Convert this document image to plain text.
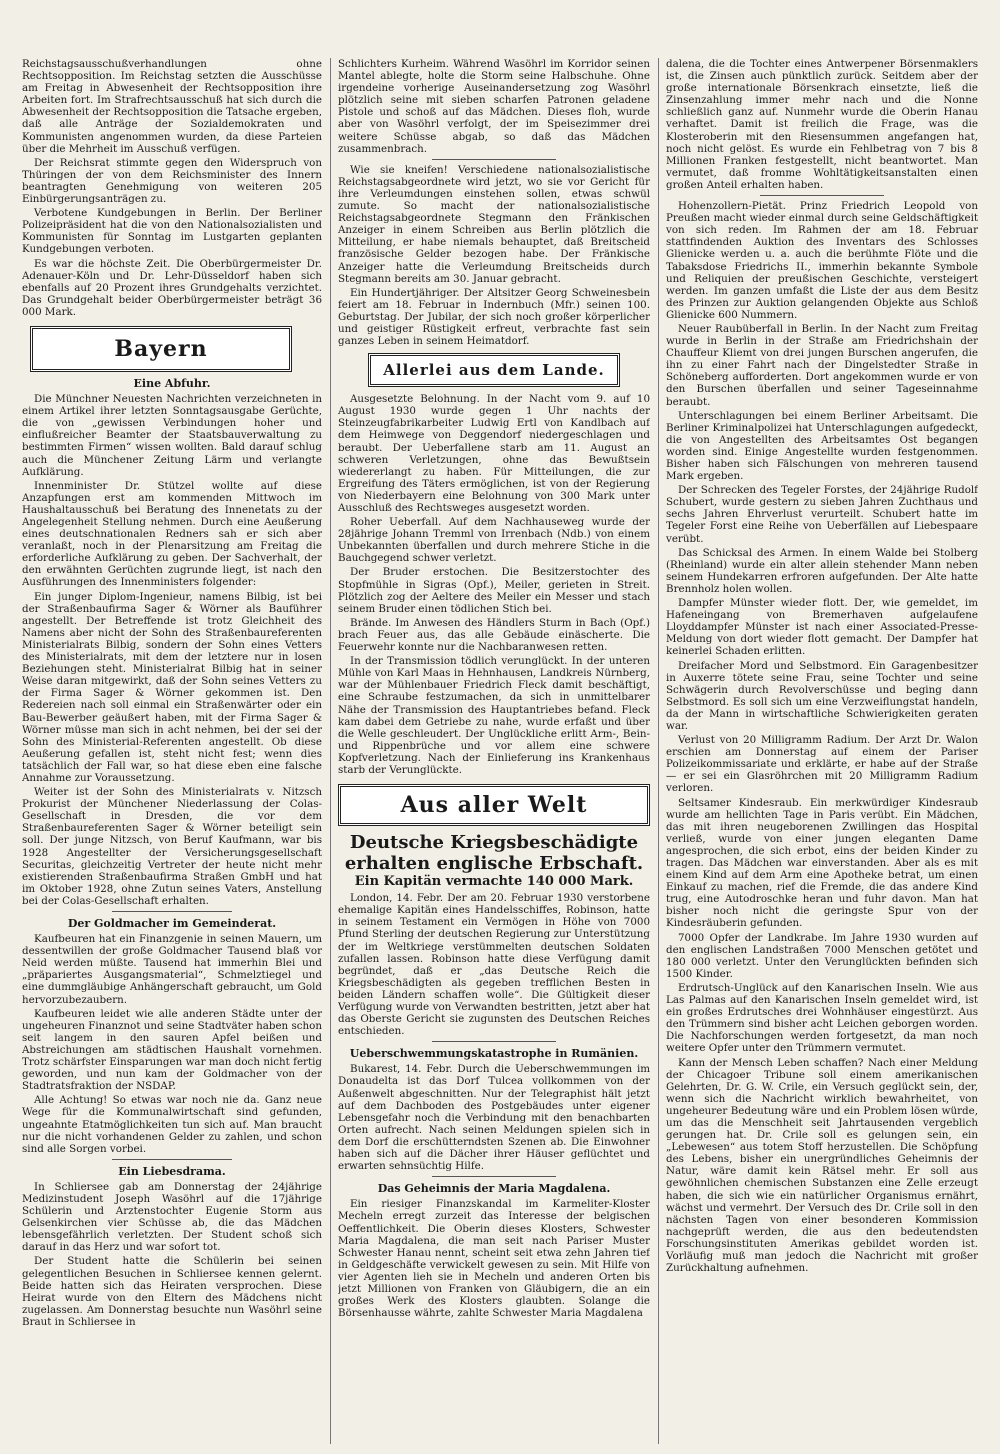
Reichstagsausschußverhandlungen ohne Rechtsopposition. Im Reichstag setzten die Ausschüsse am Freitag in Abwesenheit der Rechtsopposition ihre Arbeiten fort. Im Strafrechtsausschuß hat sich durch die Abwesenheit der Rechtsopposition die Tatsache ergeben, daß alle Anträge der Sozialdemokraten und Kommunisten angenommen wurden, da diese Parteien über die Mehrheit im Ausschuß verfügen.

Der Reichsrat stimmte gegen den Widerspruch von Thüringen der von dem Reichsminister des Innern beantragten Genehmigung von weiteren 205 Einbürgerungsanträgen zu.

Verbotene Kundgebungen in Berlin. Der Berliner Polizeipräsident hat die von den Nationalsozialisten und Kommunisten für Sonntag im Lustgarten geplanten Kundgebungen verboten.

Es war die höchste Zeit. Die Oberbürgermeister Dr. Adenauer-Köln und Dr. Lehr-Düsseldorf haben sich ebenfalls auf 20 Prozent ihres Grundgehalts verzichtet. Das Grundgehalt beider Oberbürgermeister beträgt 36 000 Mark.

Bayern
Eine Abfuhr.

Die Münchner Neuesten Nachrichten verzeichneten in einem Artikel ihrer letzten Sonntagsausgabe Gerüchte, die von „gewissen Verbindungen hoher und einflußreicher Beamter der Staatsbauverwaltung zu bestimmten Firmen“ wissen wollten. Bald darauf schlug auch die Münchener Zeitung Lärm und verlangte Aufklärung.

Innenminister Dr. Stützel wollte auf diese Anzapfungen erst am kommenden Mittwoch im Haushaltausschuß bei Beratung des Innenetats zu der Angelegenheit Stellung nehmen. Durch eine Aeußerung eines deutschnationalen Redners sah er sich aber veranlaßt, noch in der Plenarsitzung am Freitag die erforderliche Aufklärung zu geben. Der Sachverhalt, der den erwähnten Gerüchten zugrunde liegt, ist nach den Ausführungen des Innenministers folgender:

Ein junger Diplom-Ingenieur, namens Bilbig, ist bei der Straßenbaufirma Sager & Wörner als Bauführer angestellt. Der Betreffende ist trotz Gleichheit des Namens aber nicht der Sohn des Straßenbaureferenten Ministerialrats Bilbig, sondern der Sohn eines Vetters des Ministerialrats, mit dem der letztere nur in losen Beziehungen steht. Ministerialrat Bilbig hat in seiner Weise daran mitgewirkt, daß der Sohn seines Vetters zu der Firma Sager & Wörner gekommen ist. Den Redereien nach soll einmal ein Straßenwärter oder ein Bau-Bewerber geäußert haben, mit der Firma Sager & Wörner müsse man sich in acht nehmen, bei der sei der Sohn des Ministerial-Referenten angestellt. Ob diese Aeußerung gefallen ist, steht nicht fest; wenn dies tatsächlich der Fall war, so hat diese eben eine falsche Annahme zur Voraussetzung.

Weiter ist der Sohn des Ministerialrats v. Nitzsch Prokurist der Münchener Niederlassung der Colas-Gesellschaft in Dresden, die vor dem Straßenbaureferenten Sager & Wörner beteiligt sein soll. Der junge Nitzsch, von Beruf Kaufmann, war bis 1928 Angestellter der Versicherungsgesellschaft Securitas, gleichzeitig Vertreter der heute nicht mehr existierenden Straßenbaufirma Straßen GmbH und hat im Oktober 1928, ohne Zutun seines Vaters, Anstellung bei der Colas-Gesellschaft erhalten.

Der Goldmacher im Gemeinderat.

Kaufbeuren hat ein Finanzgenie in seinen Mauern, um dessentwillen der große Goldmacher Tausend blaß vor Neid werden müßte. Tausend hat immerhin Blei und „präpariertes Ausgangsmaterial“, Schmelztiegel und eine dummgläubige Anhängerschaft gebraucht, um Gold hervorzubezaubern.

Kaufbeuren leidet wie alle anderen Städte unter der ungeheuren Finanznot und seine Stadtväter haben schon seit langem in den sauren Apfel beißen und Abstreichungen am städtischen Haushalt vornehmen. Trotz schärfster Einsparungen war man doch nicht fertig geworden, und nun kam der Goldmacher von der Stadtratsfraktion der NSDAP.

Alle Achtung! So etwas war noch nie da. Ganz neue Wege für die Kommunalwirtschaft sind gefunden, ungeahnte Etatmöglichkeiten tun sich auf. Man braucht nur die nicht vorhandenen Gelder zu zahlen, und schon sind alle Sorgen vorbei.

Ein Liebesdrama.

In Schliersee gab am Donnerstag der 24jährige Medizinstudent Joseph Wasöhrl auf die 17jährige Schülerin und Arztenstochter Eugenie Storm aus Gelsenkirchen vier Schüsse ab, die das Mädchen lebensgefährlich verletzten. Der Student schoß sich darauf in das Herz und war sofort tot.

Der Student hatte die Schülerin bei seinen gelegentlichen Besuchen in Schliersee kennen gelernt. Beide hatten sich das Heiraten versprochen. Diese Heirat wurde von den Eltern des Mädchens nicht zugelassen. Am Donnerstag besuchte nun Wasöhrl seine Braut in Schliersee in

Schlichters Kurheim. Während Wasöhrl im Korridor seinen Mantel ablegte, holte die Storm seine Halbschuhe. Ohne irgendeine vorherige Auseinandersetzung zog Wasöhrl plötzlich seine mit sieben scharfen Patronen geladene Pistole und schoß auf das Mädchen. Dieses floh, wurde aber von Wasöhrl verfolgt, der im Speisezimmer drei weitere Schüsse abgab, so daß das Mädchen zusammenbrach.

Wie sie kneifen! Verschiedene nationalsozialistische Reichstagsabgeordnete wird jetzt, wo sie vor Gericht für ihre Verleumdungen einstehen sollen, etwas schwül zumute. So macht der nationalsozialistische Reichstagsabgeordnete Stegmann den Fränkischen Anzeiger in einem Schreiben aus Berlin plötzlich die Mitteilung, er habe niemals behauptet, daß Breitscheid französische Gelder bezogen habe. Der Fränkische Anzeiger hatte die Verleumdung Breitscheids durch Stegmann bereits am 30. Januar gebracht.

Ein Hundertjähriger. Der Altsitzer Georg Schweinesbein feiert am 18. Februar in Indernbuch (Mfr.) seinen 100. Geburtstag. Der Jubilar, der sich noch großer körperlicher und geistiger Rüstigkeit erfreut, verbrachte fast sein ganzes Leben in seinem Heimatdorf.

Allerlei aus dem Lande.

Ausgesetzte Belohnung. In der Nacht vom 9. auf 10 August 1930 wurde gegen 1 Uhr nachts der Steinzeugfabrikarbeiter Ludwig Ertl von Kandlbach auf dem Heimwege von Deggendorf niedergeschlagen und beraubt. Der Ueberfallene starb am 11. August an schweren Verletzungen, ohne das Bewußtsein wiedererlangt zu haben. Für Mitteilungen, die zur Ergreifung des Täters ermöglichen, ist von der Regierung von Niederbayern eine Belohnung von 300 Mark unter Ausschluß des Rechtsweges ausgesetzt worden.

Roher Ueberfall. Auf dem Nachhauseweg wurde der 28jährige Johann Tremml von Irrenbach (Ndb.) von einem Unbekannten überfallen und durch mehrere Stiche in die Bauchgegend schwer verletzt.

Der Bruder erstochen. Die Besitzerstochter des Stopfmühle in Sigras (Opf.), Meiler, gerieten in Streit. Plötzlich zog der Aeltere des Meiler ein Messer und stach seinem Bruder einen tödlichen Stich bei.

Brände. Im Anwesen des Händlers Sturm in Bach (Opf.) brach Feuer aus, das alle Gebäude einäscherte. Die Feuerwehr konnte nur die Nachbaranwesen retten.

In der Transmission tödlich verunglückt. In der unteren Mühle von Karl Maas in Hehnhausen, Landkreis Nürnberg, war der Mühlenbauer Friedrich Fleck damit beschäftigt, eine Schraube festzumachen, da sich in unmittelbarer Nähe der Transmission des Hauptantriebes befand. Fleck kam dabei dem Getriebe zu nahe, wurde erfaßt und über die Welle geschleudert. Der Unglückliche erlitt Arm-, Bein- und Rippenbrüche und vor allem eine schwere Kopfverletzung. Nach der Einlieferung ins Krankenhaus starb der Verunglückte.

Aus aller Welt
Deutsche Kriegsbeschädigte erhalten englische Erbschaft.
Ein Kapitän vermachte 140 000 Mark.

London, 14. Febr. Der am 20. Februar 1930 verstorbene ehemalige Kapitän eines Handelsschiffes, Robinson, hatte in seinem Testament ein Vermögen in Höhe von 7000 Pfund Sterling der deutschen Regierung zur Unterstützung der im Weltkriege verstümmelten deutschen Soldaten zufallen lassen. Robinson hatte diese Verfügung damit begründet, daß er „das Deutsche Reich die Kriegsbeschädigten als gegeben trefflichen Besten in beiden Ländern schaffen wolle“. Die Gültigkeit dieser Verfügung wurde von Verwandten bestritten, jetzt aber hat das Oberste Gericht sie zugunsten des Deutschen Reiches entschieden.

Ueberschwemmungskatastrophe in Rumänien.

Bukarest, 14. Febr. Durch die Ueberschwemmungen im Donaudelta ist das Dorf Tulcea vollkommen von der Außenwelt abgeschnitten. Nur der Telegraphist hält jetzt auf dem Dachboden des Postgebäudes unter eigener Lebensgefahr noch die Verbindung mit den benachbarten Orten aufrecht. Nach seinen Meldungen spielen sich in dem Dorf die erschütterndsten Szenen ab. Die Einwohner haben sich auf die Dächer ihrer Häuser geflüchtet und erwarten sehnsüchtig Hilfe.

Das Geheimnis der Maria Magdalena.

Ein riesiger Finanzskandal im Karmeliter-Kloster Mecheln erregt zurzeit das Interesse der belgischen Oeffentlichkeit. Die Oberin dieses Klosters, Schwester Maria Magdalena, die man seit nach Pariser Muster Schwester Hanau nennt, scheint seit etwa zehn Jahren tief in Geldgeschäfte verwickelt gewesen zu sein. Mit Hilfe von vier Agenten lieh sie in Mecheln und anderen Orten bis jetzt Millionen von Franken von Gläubigern, die an ein großes Werk des Klosters glaubten. Solange die Börsenhausse währte, zahlte Schwester Maria Magdalena

dalena, die die Tochter eines Antwerpener Börsenmaklers ist, die Zinsen auch pünktlich zurück. Seitdem aber der große internationale Börsenkrach einsetzte, ließ die Zinsenzahlung immer mehr nach und die Nonne schließlich ganz auf. Nunmehr wurde die Oberin Hanau verhaftet. Damit ist freilich die Frage, was die Klosteroberin mit den Riesensummen angefangen hat, noch nicht gelöst. Es wurde ein Fehlbetrag von 7 bis 8 Millionen Franken festgestellt, nicht beantwortet. Man vermutet, daß fromme Wohltätigkeitsanstalten einen großen Anteil erhalten haben.

Hohenzollern-Pietät. Prinz Friedrich Leopold von Preußen macht wieder einmal durch seine Geldschäftigkeit von sich reden. Im Rahmen der am 18. Februar stattfindenden Auktion des Inventars des Schlosses Glienicke werden u. a. auch die berühmte Flöte und die Tabaksdose Friedrichs II., immerhin bekannte Symbole und Reliquien der preußischen Geschichte, versteigert werden. Im ganzen umfaßt die Liste der aus dem Besitz des Prinzen zur Auktion gelangenden Objekte aus Schloß Glienicke 600 Nummern.

Neuer Raubüberfall in Berlin. In der Nacht zum Freitag wurde in Berlin in der Straße am Friedrichshain der Chauffeur Kliemt von drei jungen Burschen angerufen, die ihn zu einer Fahrt nach der Dingelstedter Straße in Schöneberg aufforderten. Dort angekommen wurde er von den Burschen überfallen und seiner Tageseinnahme beraubt.

Unterschlagungen bei einem Berliner Arbeitsamt. Die Berliner Kriminalpolizei hat Unterschlagungen aufgedeckt, die von Angestellten des Arbeitsamtes Ost begangen worden sind. Einige Angestellte wurden festgenommen. Bisher haben sich Fälschungen von mehreren tausend Mark ergeben.

Der Schrecken des Tegeler Forstes, der 24jährige Rudolf Schubert, wurde gestern zu sieben Jahren Zuchthaus und sechs Jahren Ehrverlust verurteilt. Schubert hatte im Tegeler Forst eine Reihe von Ueberfällen auf Liebespaare verübt.

Das Schicksal des Armen. In einem Walde bei Stolberg (Rheinland) wurde ein alter allein stehender Mann neben seinem Hundekarren erfroren aufgefunden. Der Alte hatte Brennholz holen wollen.

Dampfer Münster wieder flott. Der, wie gemeldet, im Hafeneingang von Bremerhaven aufgelaufene Lloyddampfer Münster ist nach einer Associated-Presse-Meldung von dort wieder flott gemacht. Der Dampfer hat keinerlei Schaden erlitten.

Dreifacher Mord und Selbstmord. Ein Garagenbesitzer in Auxerre tötete seine Frau, seine Tochter und seine Schwägerin durch Revolverschüsse und beging dann Selbstmord. Es soll sich um eine Verzweiflungstat handeln, da der Mann in wirtschaftliche Schwierigkeiten geraten war.

Verlust von 20 Milligramm Radium. Der Arzt Dr. Walon erschien am Donnerstag auf einem der Pariser Polizeikommissariate und erklärte, er habe auf der Straße — er sei ein Glasröhrchen mit 20 Milligramm Radium verloren.

Seltsamer Kindesraub. Ein merkwürdiger Kindesraub wurde am hellichten Tage in Paris verübt. Ein Mädchen, das mit ihren neugeborenen Zwillingen das Hospital verließ, wurde von einer jungen eleganten Dame angesprochen, die sich erbot, eins der beiden Kinder zu tragen. Das Mädchen war einverstanden. Aber als es mit einem Kind auf dem Arm eine Apotheke betrat, um einen Einkauf zu machen, rief die Fremde, die das andere Kind trug, eine Autodroschke heran und fuhr davon. Man hat bisher noch nicht die geringste Spur von der Kindesräuberin gefunden.

7000 Opfer der Landkrabe. Im Jahre 1930 wurden auf den englischen Landstraßen 7000 Menschen getötet und 180 000 verletzt. Unter den Verunglückten befinden sich 1500 Kinder.

Erdrutsch-Unglück auf den Kanarischen Inseln. Wie aus Las Palmas auf den Kanarischen Inseln gemeldet wird, ist ein großes Erdrutsches drei Wohnhäuser eingestürzt. Aus den Trümmern sind bisher acht Leichen geborgen worden. Die Nachforschungen werden fortgesetzt, da man noch weitere Opfer unter den Trümmern vermutet.

Kann der Mensch Leben schaffen? Nach einer Meldung der Chicagoer Tribune soll einem amerikanischen Gelehrten, Dr. G. W. Crile, ein Versuch geglückt sein, der, wenn sich die Nachricht wirklich bewahrheitet, von ungeheurer Bedeutung wäre und ein Problem lösen würde, um das die Menschheit seit Jahrtausenden vergeblich gerungen hat. Dr. Crile soll es gelungen sein, ein „Lebewesen“ aus totem Stoff herzustellen. Die Schöpfung des Lebens, bisher ein unergründliches Geheimnis der Natur, wäre damit kein Rätsel mehr. Er soll aus gewöhnlichen chemischen Substanzen eine Zelle erzeugt haben, die sich wie ein natürlicher Organismus ernährt, wächst und vermehrt. Der Versuch des Dr. Crile soll in den nächsten Tagen von einer besonderen Kommission nachgeprüft werden, die aus den bedeutendsten Forschungsinstituten Amerikas gebildet worden ist. Vorläufig muß man jedoch die Nachricht mit großer Zurückhaltung aufnehmen.
